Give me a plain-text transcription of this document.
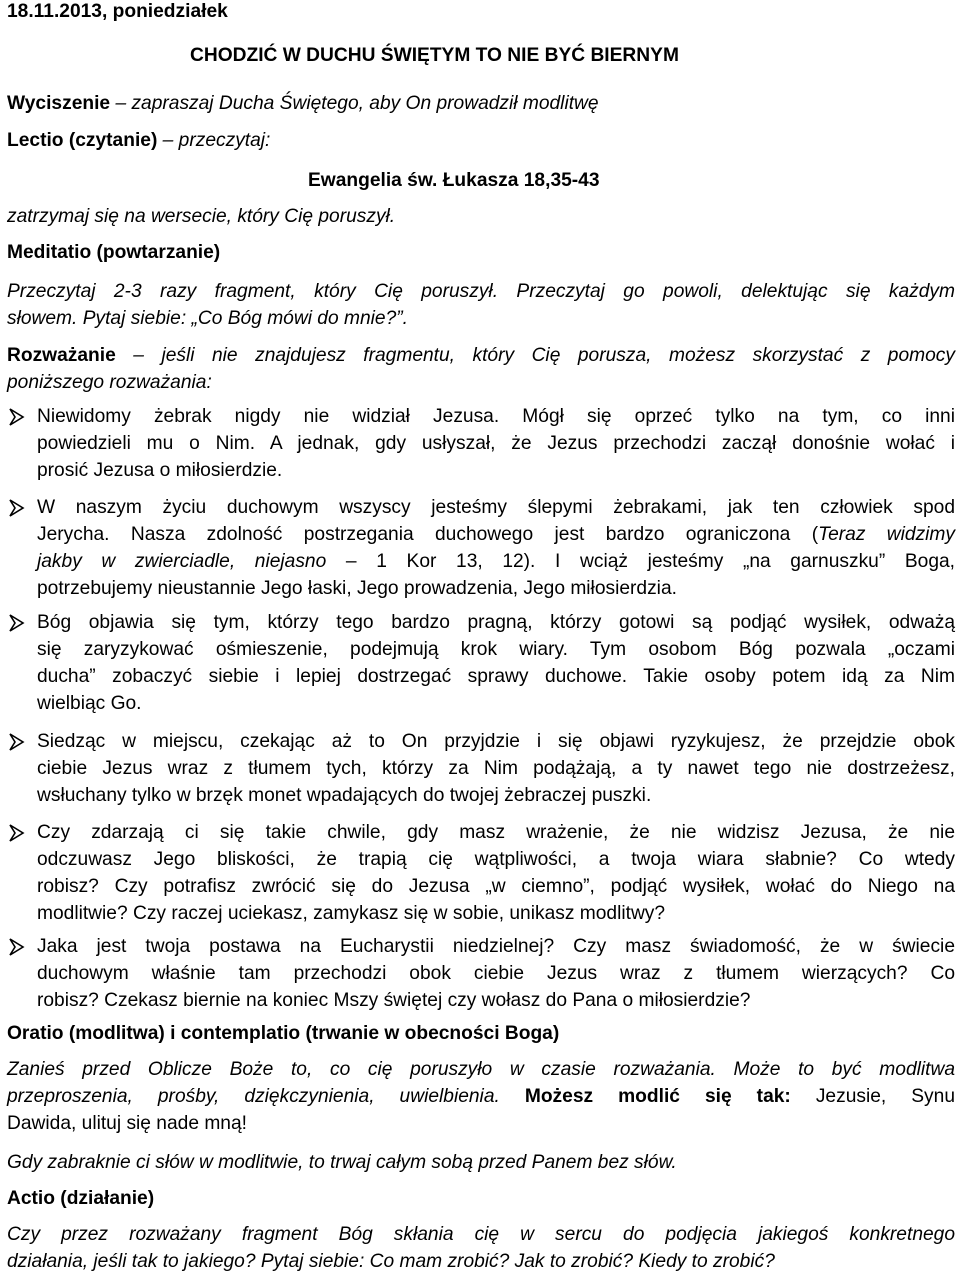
18.11.2013, poniedziałek
CHODZIĆ W DUCHU ŚWIĘTYM TO NIE BYĆ BIERNYM
Wyciszenie – zapraszaj Ducha Świętego, aby On prowadził modlitwę
Lectio (czytanie) – przeczytaj:
Ewangelia św. Łukasza 18,35-43
zatrzymaj się na wersecie, który Cię poruszył.
Meditatio (powtarzanie)
Przeczytaj 2-3 razy fragment, który Cię poruszył. Przeczytaj go powoli, delektując się każdym
słowem. Pytaj siebie: „Co Bóg mówi do mnie?”.
Rozważanie – jeśli nie znajdujesz fragmentu, który Cię porusza, możesz skorzystać z pomocy
poniższego rozważania:
Niewidomy żebrak nigdy nie widział Jezusa. Mógł się oprzeć tylko na tym, co inni
powiedzieli mu o Nim. A jednak, gdy usłyszał, że Jezus przechodzi zaczął donośnie wołać i
prosić Jezusa o miłosierdzie.
W naszym życiu duchowym wszyscy jesteśmy ślepymi żebrakami, jak ten człowiek spod
Jerycha. Nasza zdolność postrzegania duchowego jest bardzo ograniczona (Teraz widzimy
jakby w zwierciadle, niejasno – 1 Kor 13, 12). I wciąż jesteśmy „na garnuszku” Boga,
potrzebujemy nieustannie Jego łaski, Jego prowadzenia, Jego miłosierdzia.
Bóg objawia się tym, którzy tego bardzo pragną, którzy gotowi są podjąć wysiłek, odważą
się zaryzykować ośmieszenie, podejmują krok wiary. Tym osobom Bóg pozwala „oczami
ducha” zobaczyć siebie i lepiej dostrzegać sprawy duchowe. Takie osoby potem idą za Nim
wielbiąc Go.
Siedząc w miejscu, czekając aż to On przyjdzie i się objawi ryzykujesz, że przejdzie obok
ciebie Jezus wraz z tłumem tych, którzy za Nim podążają, a ty nawet tego nie dostrzeżesz,
wsłuchany tylko w brzęk monet wpadających do twojej żebraczej puszki.
Czy zdarzają ci się takie chwile, gdy masz wrażenie, że nie widzisz Jezusa, że nie
odczuwasz Jego bliskości, że trapią cię wątpliwości, a twoja wiara słabnie? Co wtedy
robisz? Czy potrafisz zwrócić się do Jezusa „w ciemno”, podjąć wysiłek, wołać do Niego na
modlitwie? Czy raczej uciekasz, zamykasz się w sobie, unikasz modlitwy?
Jaka jest twoja postawa na Eucharystii niedzielnej? Czy masz świadomość, że w świecie
duchowym właśnie tam przechodzi obok ciebie Jezus wraz z tłumem wierzących? Co
robisz? Czekasz biernie na koniec Mszy świętej czy wołasz do Pana o miłosierdzie?
Oratio (modlitwa) i contemplatio (trwanie w obecności Boga)
Zanieś przed Oblicze Boże to, co cię poruszyło w czasie rozważania. Może to być modlitwa
przeproszenia, prośby, dziękczynienia, uwielbienia. Możesz modlić się tak: Jezusie, Synu
Dawida, ulituj się nade mną!
Gdy zabraknie ci słów w modlitwie, to trwaj całym sobą przed Panem bez słów.
Actio (działanie)
Czy przez rozważany fragment Bóg skłania cię w sercu do podjęcia jakiegoś konkretnego
działania, jeśli tak to jakiego? Pytaj siebie: Co mam zrobić? Jak to zrobić? Kiedy to zrobić?
